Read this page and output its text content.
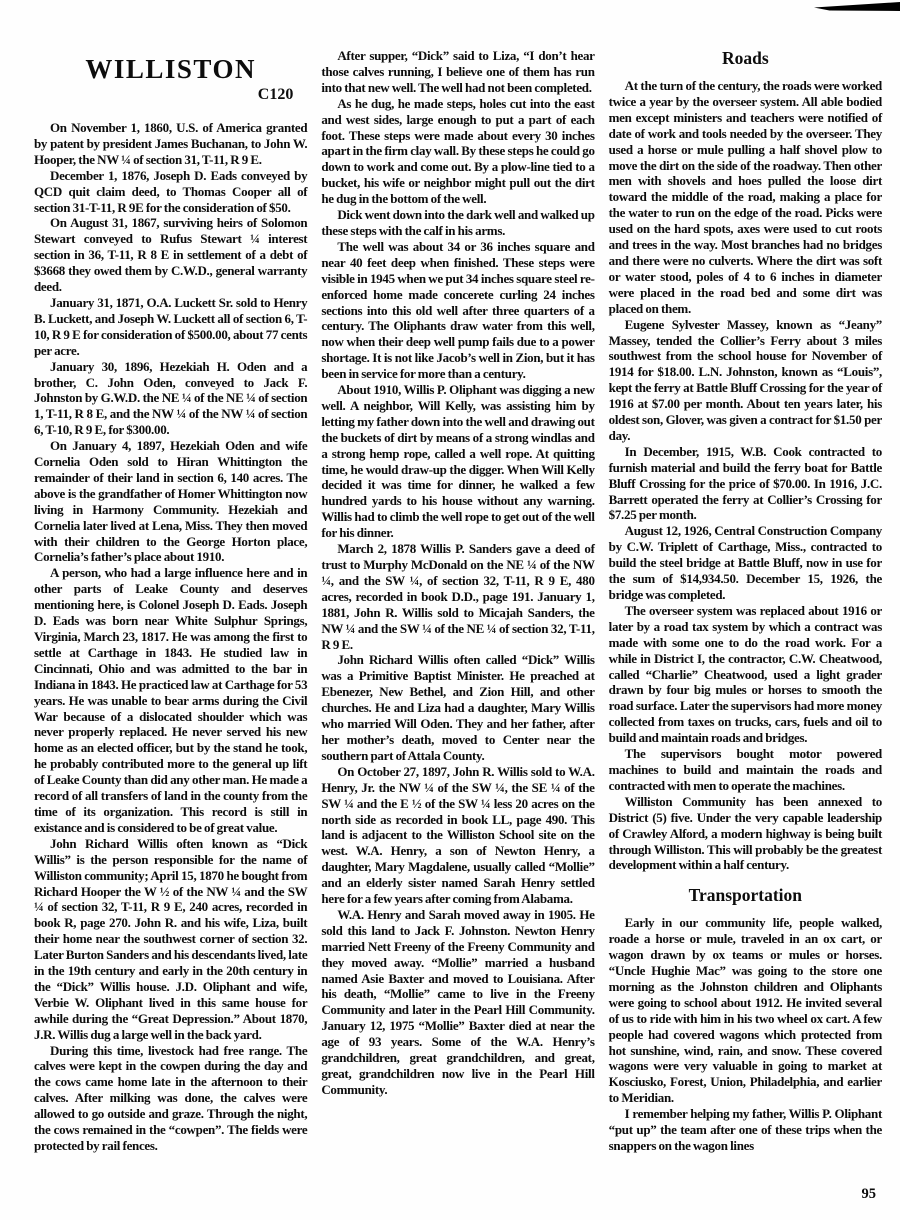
WILLISTON
C120

On November 1, 1860, U.S. of America granted by patent by president James Buchanan, to John W. Hooper, the NW ¼ of section 31, T-11, R 9 E.

December 1, 1876, Joseph D. Eads conveyed by QCD quit claim deed, to Thomas Cooper all of section 31-T-11, R 9E for the consideration of $50.

On August 31, 1867, surviving heirs of Solomon Stewart conveyed to Rufus Stewart ¼ interest section in 36, T-11, R 8 E in settlement of a debt of $3668 they owed them by C.W.D., general warranty deed.

January 31, 1871, O.A. Luckett Sr. sold to Henry B. Luckett, and Joseph W. Luckett all of section 6, T-10, R 9 E for consideration of $500.00, about 77 cents per acre.

January 30, 1896, Hezekiah H. Oden and a brother, C. John Oden, conveyed to Jack F. Johnston by G.W.D. the NE ¼ of the NE ¼ of section 1, T-11, R 8 E, and the NW ¼ of the NW ¼ of section 6, T-10, R 9 E, for $300.00.

On January 4, 1897, Hezekiah Oden and wife Cornelia Oden sold to Hiran Whittington the remainder of their land in section 6, 140 acres. The above is the grandfather of Homer Whittington now living in Harmony Community. Hezekiah and Cornelia later lived at Lena, Miss. They then moved with their children to the George Horton place, Cornelia’s father’s place about 1910.

A person, who had a large influence here and in other parts of Leake County and deserves mentioning here, is Colonel Joseph D. Eads. Joseph D. Eads was born near White Sulphur Springs, Virginia, March 23, 1817. He was among the first to settle at Carthage in 1843. He studied law in Cincinnati, Ohio and was admitted to the bar in Indiana in 1843. He practiced law at Carthage for 53 years. He was unable to bear arms during the Civil War because of a dislocated shoulder which was never properly replaced. He never served his new home as an elected officer, but by the stand he took, he probably contributed more to the general up lift of Leake County than did any other man. He made a record of all transfers of land in the county from the time of its organization. This record is still in existance and is considered to be of great value.

John Richard Willis often known as “Dick Willis” is the person responsible for the name of Williston community; April 15, 1870 he bought from Richard Hooper the W ½ of the NW ¼ and the SW ¼ of section 32, T-11, R 9 E, 240 acres, recorded in book R, page 270. John R. and his wife, Liza, built their home near the southwest corner of section 32. Later Burton Sanders and his descendants lived, late in the 19th century and early in the 20th century in the “Dick” Willis house. J.D. Oliphant and wife, Verbie W. Oliphant lived in this same house for awhile during the “Great Depression.” About 1870, J.R. Willis dug a large well in the back yard.

During this time, livestock had free range. The calves were kept in the cowpen during the day and the cows came home late in the afternoon to their calves. After milking was done, the calves were allowed to go outside and graze. Through the night, the cows remained in the “cowpen”. The fields were protected by rail fences.

After supper, “Dick” said to Liza, “I don’t hear those calves running, I believe one of them has run into that new well. The well had not been completed.

As he dug, he made steps, holes cut into the east and west sides, large enough to put a part of each foot. These steps were made about every 30 inches apart in the firm clay wall. By these steps he could go down to work and come out. By a plow-line tied to a bucket, his wife or neighbor might pull out the dirt he dug in the bottom of the well.

Dick went down into the dark well and walked up these steps with the calf in his arms.

The well was about 34 or 36 inches square and near 40 feet deep when finished. These steps were visible in 1945 when we put 34 inches square steel re-enforced home made concerete curling 24 inches sections into this old well after three quarters of a century. The Oliphants draw water from this well, now when their deep well pump fails due to a power shortage. It is not like Jacob’s well in Zion, but it has been in service for more than a century.

About 1910, Willis P. Oliphant was digging a new well. A neighbor, Will Kelly, was assisting him by letting my father down into the well and drawing out the buckets of dirt by means of a strong windlas and a strong hemp rope, called a well rope. At quitting time, he would draw-up the digger. When Will Kelly decided it was time for dinner, he walked a few hundred yards to his house without any warning. Willis had to climb the well rope to get out of the well for his dinner.

March 2, 1878 Willis P. Sanders gave a deed of trust to Murphy McDonald on the NE ¼ of the NW ¼, and the SW ¼, of section 32, T-11, R 9 E, 480 acres, recorded in book D.D., page 191. January 1, 1881, John R. Willis sold to Micajah Sanders, the NW ¼ and the SW ¼ of the NE ¼ of section 32, T-11, R 9 E.

John Richard Willis often called “Dick” Willis was a Primitive Baptist Minister. He preached at Ebenezer, New Bethel, and Zion Hill, and other churches. He and Liza had a daughter, Mary Willis who married Will Oden. They and her father, after her mother’s death, moved to Center near the southern part of Attala County.

On October 27, 1897, John R. Willis sold to W.A. Henry, Jr. the NW ¼ of the SW ¼, the SE ¼ of the SW ¼ and the E ½ of the SW ¼ less 20 acres on the north side as recorded in book LL, page 490. This land is adjacent to the Williston School site on the west. W.A. Henry, a son of Newton Henry, a daughter, Mary Magdalene, usually called “Mollie” and an elderly sister named Sarah Henry settled here for a few years after coming from Alabama.

W.A. Henry and Sarah moved away in 1905. He sold this land to Jack F. Johnston. Newton Henry married Nett Freeny of the Freeny Community and they moved away. “Mollie” married a husband named Asie Baxter and moved to Louisiana. After his death, “Mollie” came to live in the Freeny Community and later in the Pearl Hill Community. January 12, 1975 “Mollie” Baxter died at near the age of 93 years. Some of the W.A. Henry’s grandchildren, great grandchildren, and great, great, grandchildren now live in the Pearl Hill Community.

Roads

At the turn of the century, the roads were worked twice a year by the overseer system. All able bodied men except ministers and teachers were notified of date of work and tools needed by the overseer. They used a horse or mule pulling a half shovel plow to move the dirt on the side of the roadway. Then other men with shovels and hoes pulled the loose dirt toward the middle of the road, making a place for the water to run on the edge of the road. Picks were used on the hard spots, axes were used to cut roots and trees in the way. Most branches had no bridges and there were no culverts. Where the dirt was soft or water stood, poles of 4 to 6 inches in diameter were placed in the road bed and some dirt was placed on them.

Eugene Sylvester Massey, known as “Jeany” Massey, tended the Collier’s Ferry about 3 miles southwest from the school house for November of 1914 for $18.00. L.N. Johnston, known as “Louis”, kept the ferry at Battle Bluff Crossing for the year of 1916 at $7.00 per month. About ten years later, his oldest son, Glover, was given a contract for $1.50 per day.

In December, 1915, W.B. Cook contracted to furnish material and build the ferry boat for Battle Bluff Crossing for the price of $70.00. In 1916, J.C. Barrett operated the ferry at Collier’s Crossing for $7.25 per month.

August 12, 1926, Central Construction Company by C.W. Triplett of Carthage, Miss., contracted to build the steel bridge at Battle Bluff, now in use for the sum of $14,934.50. December 15, 1926, the bridge was completed.

The overseer system was replaced about 1916 or later by a road tax system by which a contract was made with some one to do the road work. For a while in District I, the contractor, C.W. Cheatwood, called “Charlie” Cheatwood, used a light grader drawn by four big mules or horses to smooth the road surface. Later the supervisors had more money collected from taxes on trucks, cars, fuels and oil to build and maintain roads and bridges.

The supervisors bought motor powered machines to build and maintain the roads and contracted with men to operate the machines.

Williston Community has been annexed to District (5) five. Under the very capable leadership of Crawley Alford, a modern highway is being built through Williston. This will probably be the greatest development within a half century.

Transportation

Early in our community life, people walked, roade a horse or mule, traveled in an ox cart, or wagon drawn by ox teams or mules or horses. “Uncle Hughie Mac” was going to the store one morning as the Johnston children and Oliphants were going to school about 1912. He invited several of us to ride with him in his two wheel ox cart. A few people had covered wagons which protected from hot sunshine, wind, rain, and snow. These covered wagons were very valuable in going to market at Kosciusko, Forest, Union, Philadelphia, and earlier to Meridian.

I remember helping my father, Willis P. Oliphant “put up” the team after one of these trips when the snappers on the wagon lines

95
